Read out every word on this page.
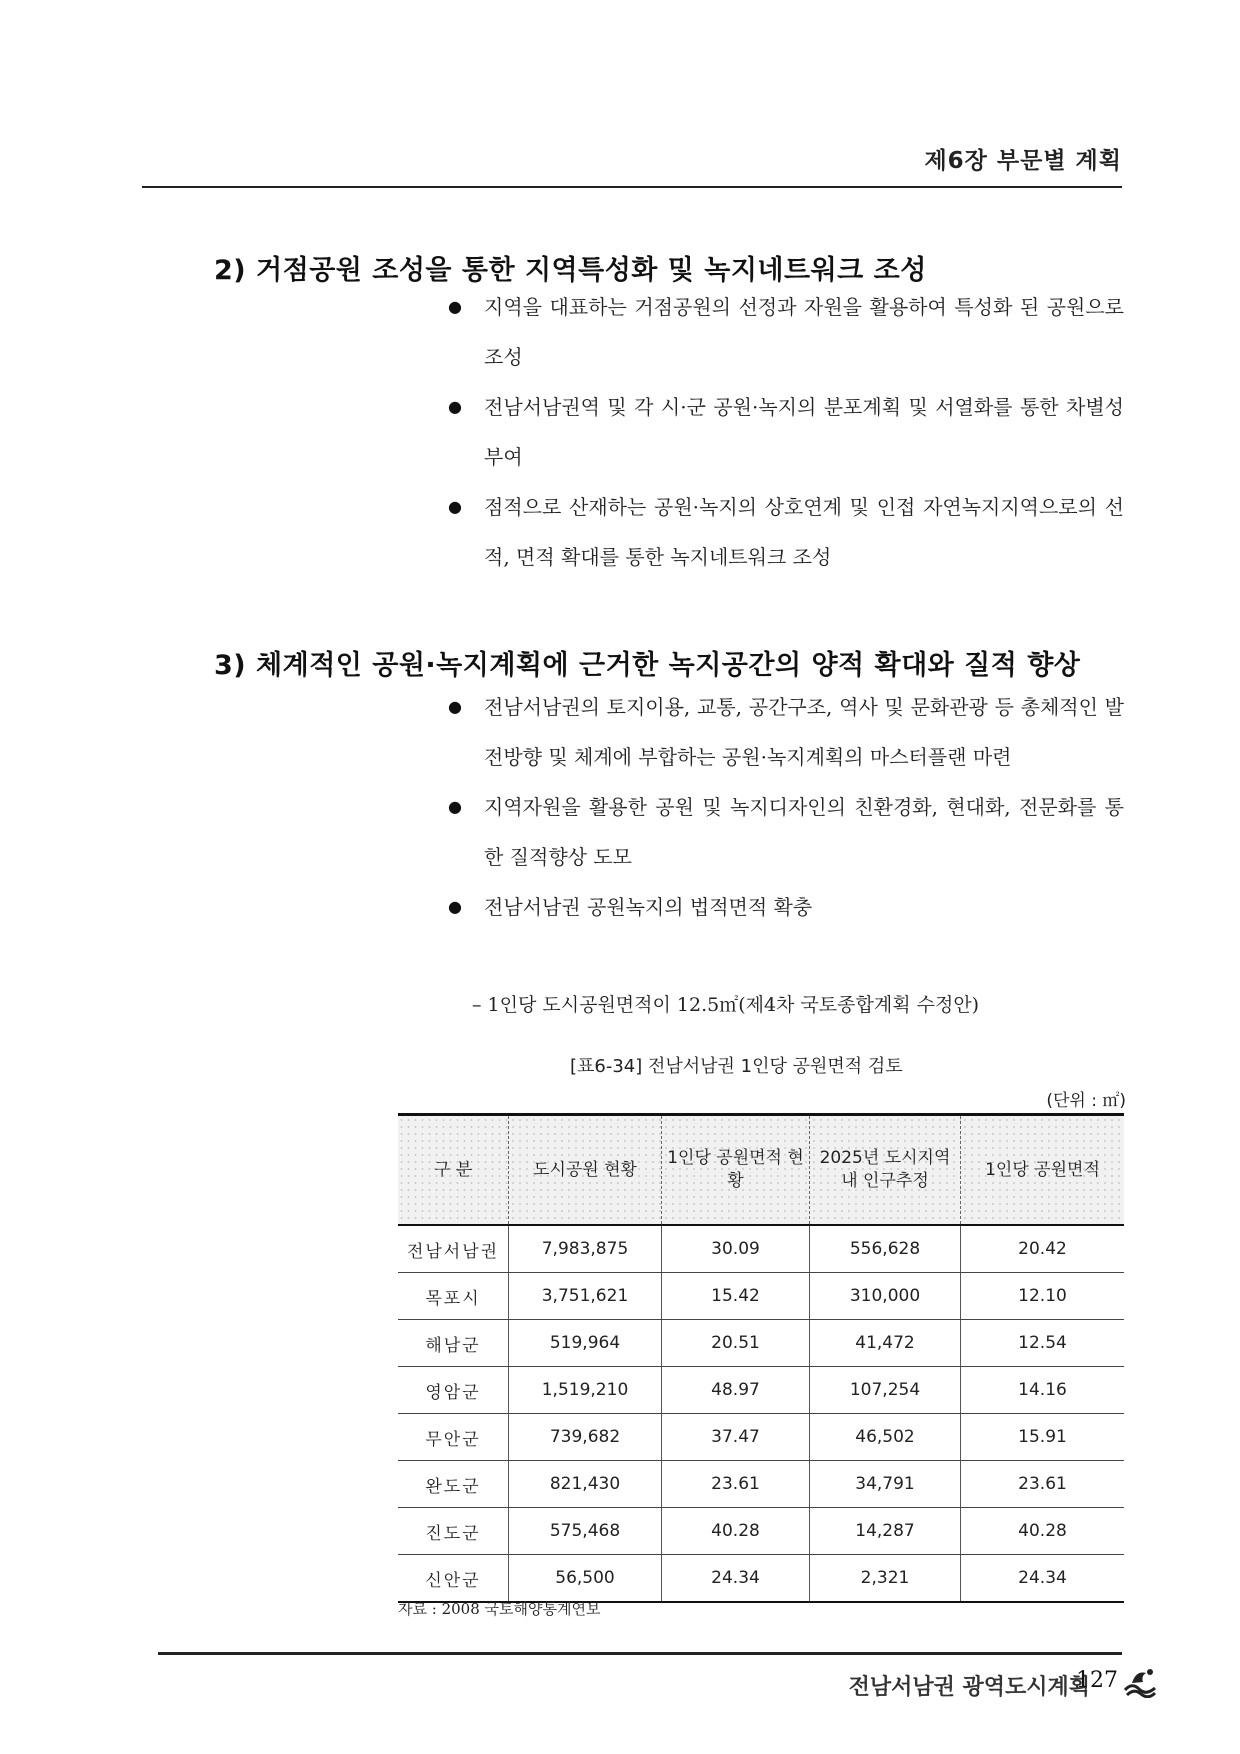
제6장 부문별 계획
2) 거점공원 조성을 통한 지역특성화 및 녹지네트워크 조성
● 지역을 대표하는 거점공원의 선정과 자원을 활용하여 특성화 된 공원으로 조성
● 전남서남권역 및 각 시·군 공원·녹지의 분포계획 및 서열화를 통한 차별성 부여
● 점적으로 산재하는 공원·녹지의 상호연계 및 인접 자연녹지지역으로의 선적, 면적 확대를 통한 녹지네트워크 조성
3) 체계적인 공원·녹지계획에 근거한 녹지공간의 양적 확대와 질적 향상
● 전남서남권의 토지이용, 교통, 공간구조, 역사 및 문화관광 등 총체적인 발전방향 및 체계에 부합하는 공원·녹지계획의 마스터플랜 마련
● 지역자원을 활용한 공원 및 녹지디자인의 친환경화, 현대화, 전문화를 통한 질적향상 도모
● 전남서남권 공원녹지의 법적면적 확충
– 1인당 도시공원면적이 12.5㎡(제4차 국토종합계획 수정안)
[표6-34] 전남서남권 1인당 공원면적 검토
(단위 : ㎡)
구 분	도시공원 현황	1인당 공원면적 현황	2025년 도시지역 내 인구추정	1인당 공원면적
전남서남권	7,983,875	30.09	556,628	20.42
목포시	3,751,621	15.42	310,000	12.10
해남군	519,964	20.51	41,472	12.54
영암군	1,519,210	48.97	107,254	14.16
무안군	739,682	37.47	46,502	15.91
완도군	821,430	23.61	34,791	23.61
진도군	575,468	40.28	14,287	40.28
신안군	56,500	24.34	2,321	24.34
자료 : 2008 국토해양통계연보
전남서남권 광역도시계획
127
